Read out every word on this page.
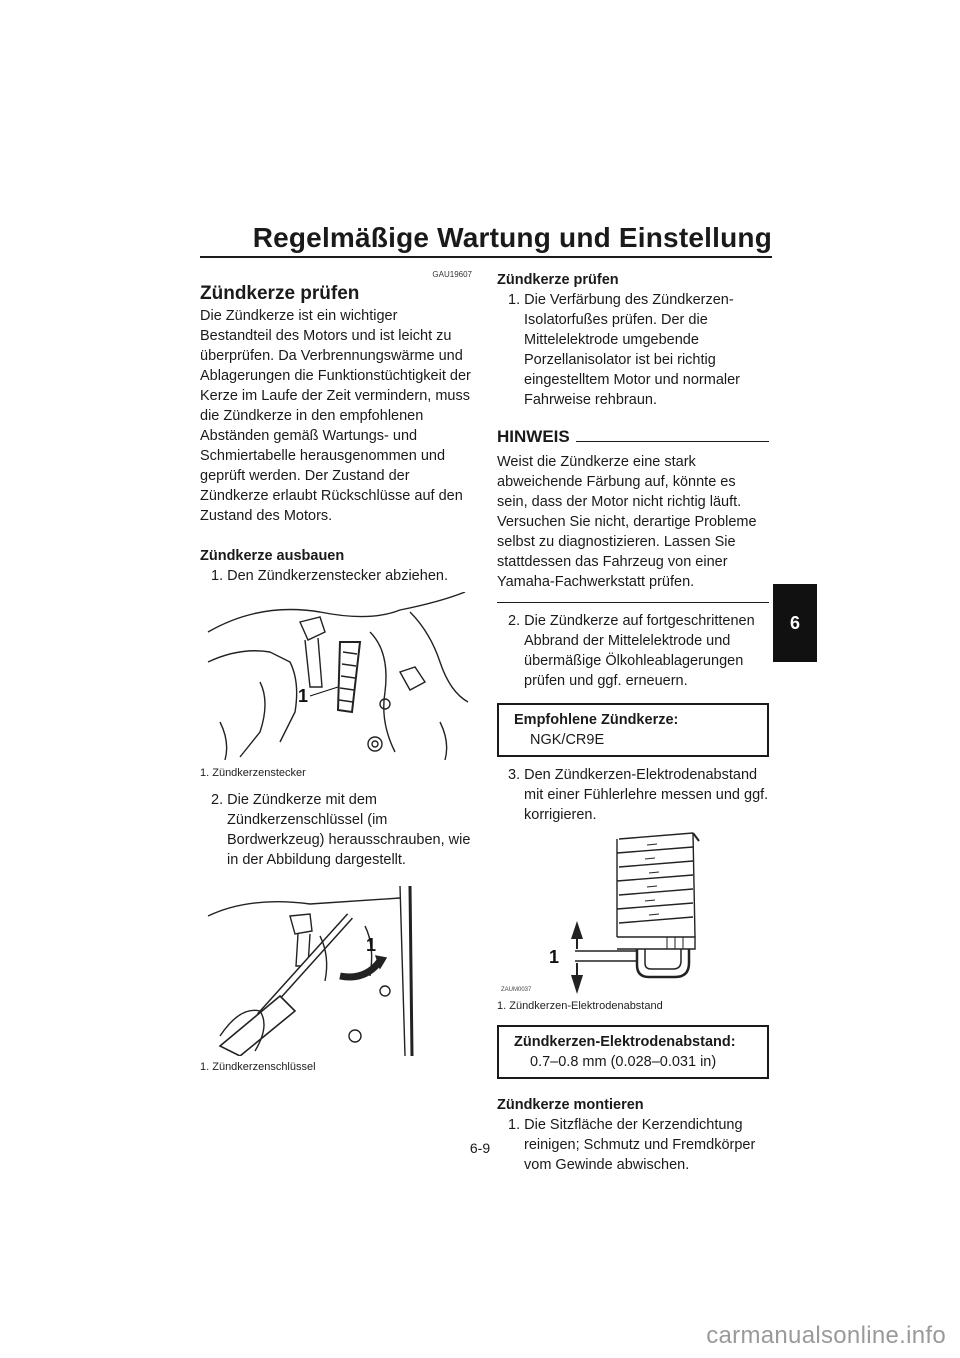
Regelmäßige Wartung und Einstellung
6
GAU19607
Zündkerze prüfen

Die Zündkerze ist ein wichtiger Bestandteil des Motors und ist leicht zu überprüfen. Da Verbrennungswärme und Ablagerungen die Funktionstüchtigkeit der Kerze im Laufe der Zeit vermindern, muss die Zündkerze in den empfohlenen Abständen gemäß Wartungs- und Schmiertabelle herausgenommen und geprüft werden. Der Zustand der Zündkerze erlaubt Rückschlüsse auf den Zustand des Motors.

Zündkerze ausbauen

1. Den Zündkerzenstecker abziehen.

1

1. Zündkerzenstecker

2. Die Zündkerze mit dem Zündkerzenschlüssel (im Bordwerkzeug) herausschrauben, wie in der Abbildung dargestellt.

1

1. Zündkerzenschlüssel

Zündkerze prüfen

1. Die Verfärbung des Zündkerzen-Isolatorfußes prüfen. Der die Mittelelektrode umgebende Porzellanisolator ist bei richtig eingestelltem Motor und normaler Fahrweise rehbraun.

HINWEIS

Weist die Zündkerze eine stark abweichende Färbung auf, könnte es sein, dass der Motor nicht richtig läuft. Versuchen Sie nicht, derartige Probleme selbst zu diagnostizieren. Lassen Sie stattdessen das Fahrzeug von einer Yamaha-Fachwerkstatt prüfen.

2. Die Zündkerze auf fortgeschrittenen Abbrand der Mittelelektrode und übermäßige Ölkohleablagerungen prüfen und ggf. erneuern.

Empfohlene Zündkerze:
NGK/CR9E

3. Den Zündkerzen-Elektrodenabstand mit einer Fühlerlehre messen und ggf. korrigieren.

1
ZAUM0037

1. Zündkerzen-Elektrodenabstand

Zündkerzen-Elektrodenabstand:
0.7–0.8 mm (0.028–0.031 in)

Zündkerze montieren

1. Die Sitzfläche der Kerzendichtung reinigen; Schmutz und Fremdkörper vom Gewinde abwischen.

6-9
carmanualsonline.info
